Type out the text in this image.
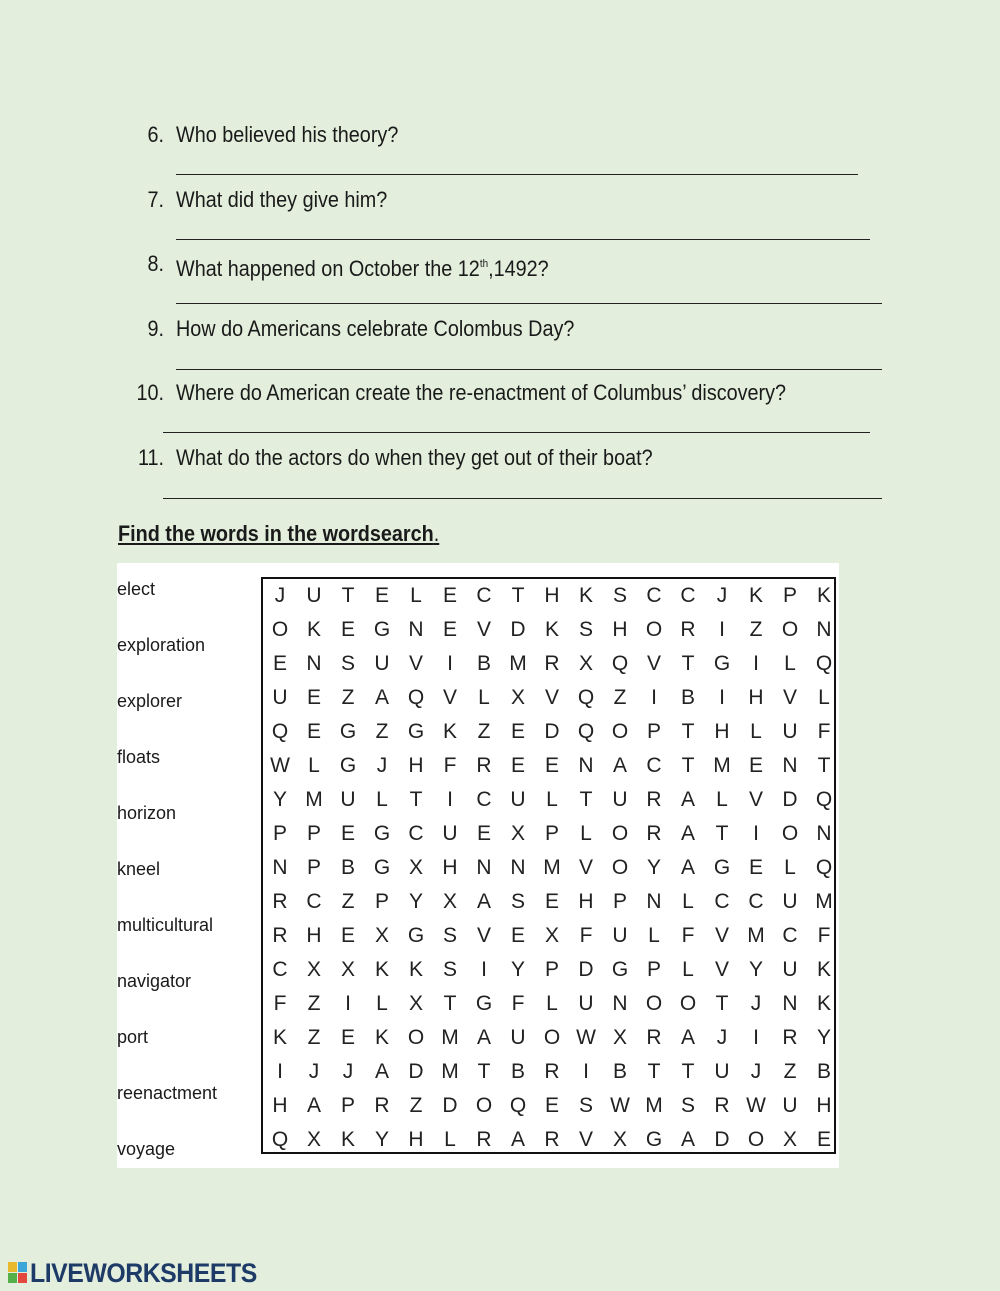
6. Who believed his theory?
7. What did they give him?
8. What happened on October the 12th,1492?
9. How do Americans celebrate Colombus Day?
10. Where do American create the re-enactment of Columbus’ discovery?
11. What do the actors do when they get out of their boat?
Find the words in the wordsearch.
elect
exploration
explorer
floats
horizon
kneel
multicultural
navigator
port
reenactment
voyage
J	U T E	L	E C T H K S C C	J	K P K
O K E G N E V D K S H O R	I	Z O N
E N S U V	I	B M R X Q V T G	I	L Q
U E Z A Q V	L	X V Q Z	I	B	I	H V	L
Q E G Z G K Z E D Q O P T H L U F
W L G J	H F R E E N A C T M E N T
Y M U L	T	I	C U L	T U R A	L	V D Q
P P E G C U E X P	L O R A T	I	O N
N P B G X H N N M V O Y A G E	L Q
R C Z P Y X A S E H P N L C C U M
R H E X G S V E X F U L	F V M C F
C X X K K S	I	Y P D G P	L	V Y U K
F	Z	I	L	X T G F	L U N O O T	J	N K
K Z E K O M A U O W X R A	J	I	R Y
I	J	J	A D M T B R	I	B T	T U	J	Z B
H A P R Z D O Q E S W M S R W U H
Q X K Y H L R A R V X G A D O X E
LIVEWORKSHEETS
